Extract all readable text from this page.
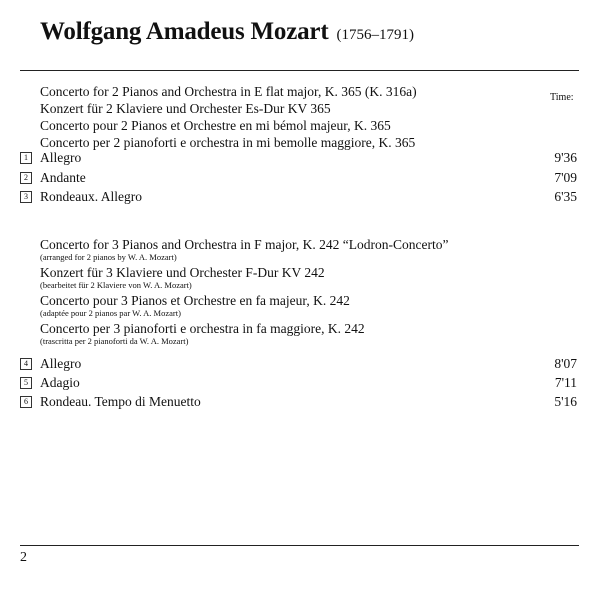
Wolfgang Amadeus Mozart (1756–1791)
Time:
Concerto for 2 Pianos and Orchestra in E flat major, K. 365 (K. 316a)
Konzert für 2 Klaviere und Orchester Es-Dur KV 365
Concerto pour 2 Pianos et Orchestre en mi bémol majeur, K. 365
Concerto per 2 pianoforti e orchestra in mi bemolle maggiore, K. 365
1 Allegro	9'36
2 Andante	7'09
3 Rondeaux. Allegro	6'35
Concerto for 3 Pianos and Orchestra in F major, K. 242 “Lodron-Concerto”
(arranged for 2 pianos by W. A. Mozart)
Konzert für 3 Klaviere und Orchester F-Dur KV 242
(bearbeitet für 2 Klaviere von W. A. Mozart)
Concerto pour 3 Pianos et Orchestre en fa majeur, K. 242
(adaptée pour 2 pianos par W. A. Mozart)
Concerto per 3 pianoforti e orchestra in fa maggiore, K. 242
(trascritta per 2 pianoforti da W. A. Mozart)
4 Allegro	8'07
5 Adagio	7'11
6 Rondeau. Tempo di Menuetto	5'16
2
